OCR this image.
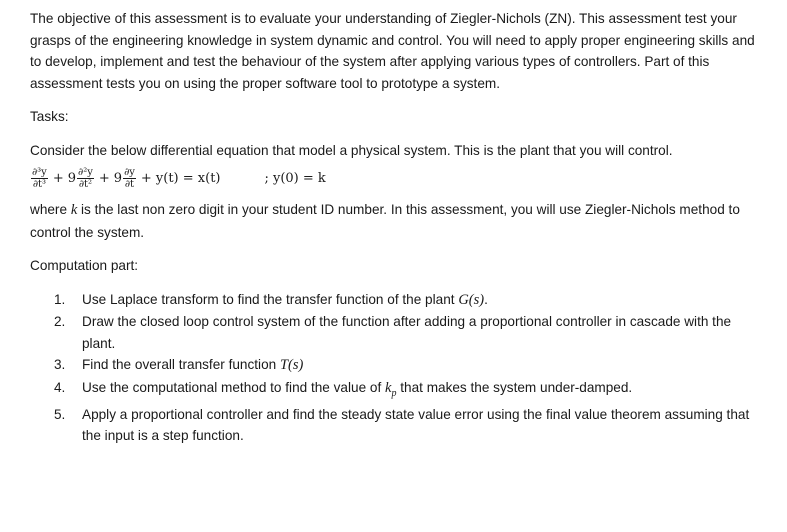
The objective of this assessment is to evaluate your understanding of Ziegler-Nichols (ZN). This assessment test your grasps of the engineering knowledge in system dynamic and control. You will need to apply proper engineering skills and to develop, implement and test the behaviour of the system after applying various types of controllers. Part of this assessment tests you on using the proper software tool to prototype a system.

Tasks:

Consider the below differential equation that model a physical system. This is the plant that you will control.

$\frac{\text{∂³y}}{\text{∂t³}} + 9 \frac{\text{∂²y}}{\text{∂t²}} + 9 \frac{\partial y}{\partial t} + y(t) = x(t)$	; y(0) = k

where k is the last non zero digit in your student ID number. In this assessment, you will use Ziegler-Nichols method to control the system.

Computation part:

1. Use Laplace transform to find the transfer function of the plant G(s).
2. Draw the closed loop control system of the function after adding a proportional controller in cascade with the plant.
3. Find the overall transfer function T(s)
4. Use the computational method to find the value of $k_p$ that makes the system under-damped.
5. Apply a proportional controller and find the steady state value error using the final value theorem assuming that the input is a step function.
